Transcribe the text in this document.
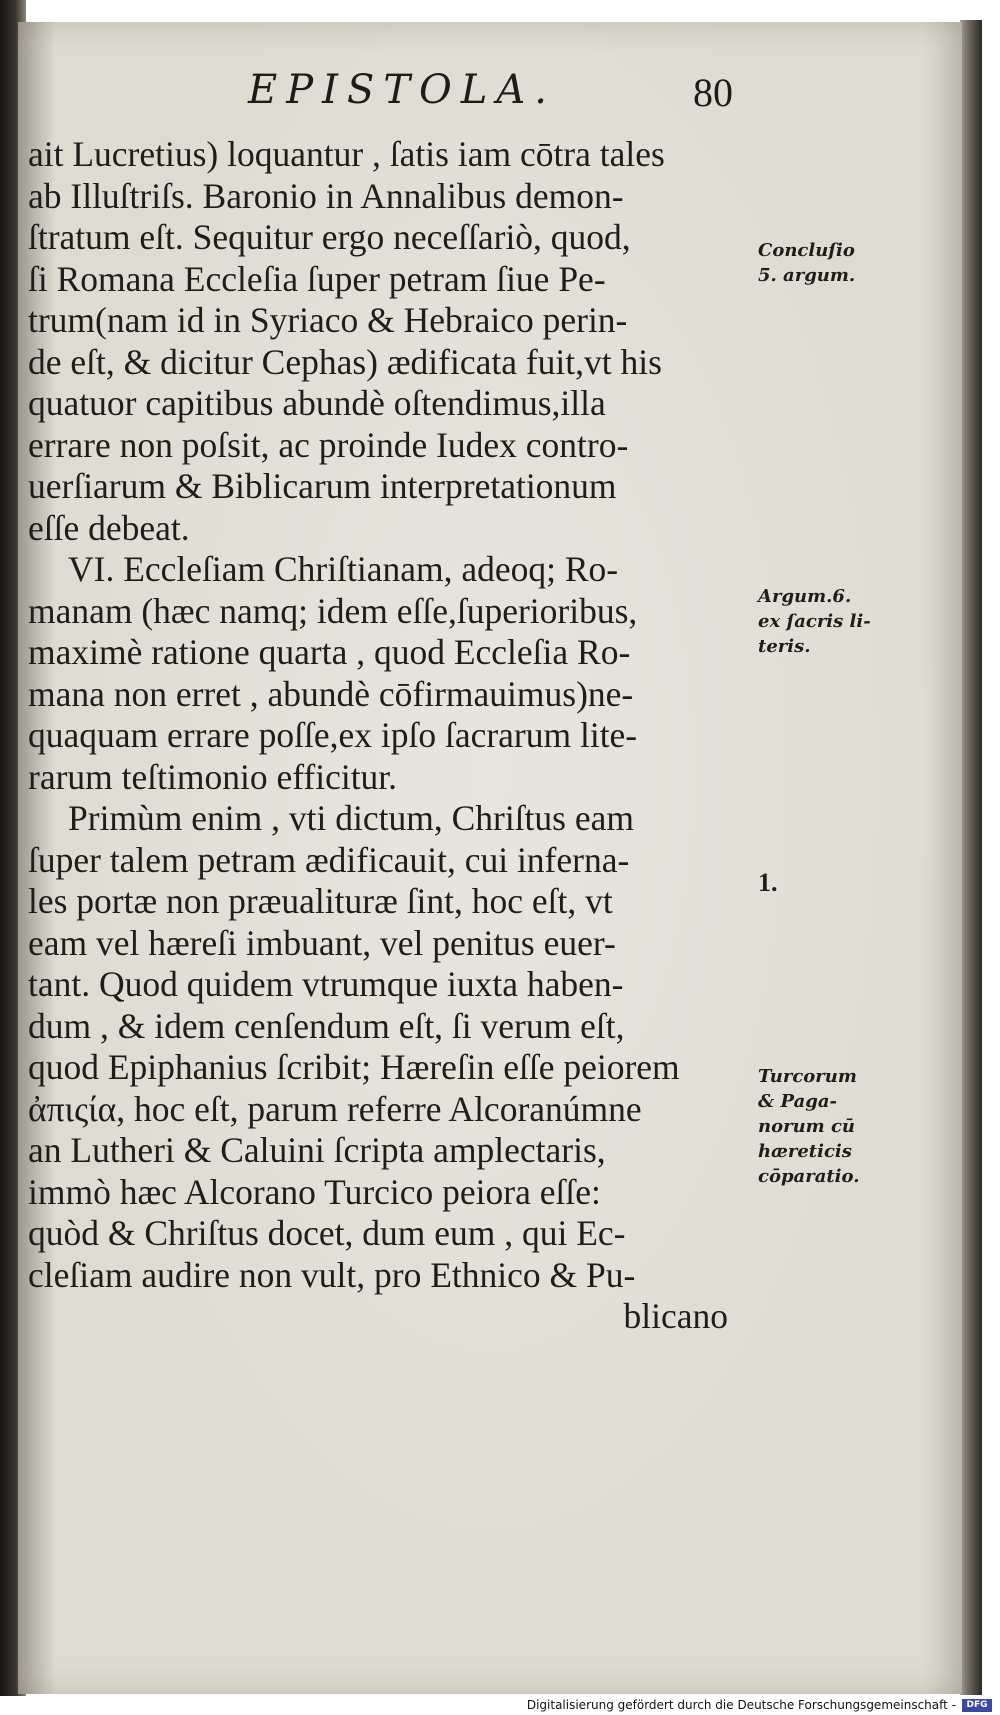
EPISTOLA.	80
ait Lucretius) loquantur , ſatis iam cōtra tales
ab Illuſtriſs. Baronio in Annalibus demon-
ſtratum eſt. Sequitur ergo neceſſariò, quod,
ſi Romana Eccleſia ſuper petram ſiue Pe-
trum(nam id in Syriaco & Hebraico perin-
de eſt, & dicitur Cephas) ædificata fuit,vt his
quatuor capitibus abundè oſtendimus,illa
errare non poſsit, ac proinde Iudex contro-
uerſiarum & Biblicarum interpretationum
eſſe debeat.
VI. Eccleſiam Chriſtianam, adeoq; Ro-
manam (hæc namq; idem eſſe,ſuperioribus,
maximè ratione quarta , quod Eccleſia Ro-
mana non erret , abundè cōfirmauimus)ne-
quaquam errare poſſe,ex ipſo ſacrarum lite-
rarum teſtimonio efficitur.
Primùm enim , vti dictum, Chriſtus eam
ſuper talem petram ædificauit, cui inferna-
les portæ non præualituræ ſint, hoc eſt, vt
eam vel hæreſi imbuant, vel penitus euer-
tant. Quod quidem vtrumque iuxta haben-
dum , & idem cenſendum eſt, ſi verum eſt,
quod Epiphanius ſcribit; Hæreſin eſſe peiorem
ἀπιςία, hoc eſt, parum referre Alcoranúmne
an Lutheri & Caluini ſcripta amplectaris,
immò hæc Alcorano Turcico peiora eſſe:
quòd & Chriſtus docet, dum eum , qui Ec-
cleſiam audire non vult, pro Ethnico & Pu-
blicano
Concluſio
5. argum.
Argum.6.
ex ſacris li-
teris.
1.
Turcorum
& Paga-
norum cū
hæreticis
cōparatio.
Digitalisierung gefördert durch die Deutsche Forschungsgemeinschaft -	DFG
